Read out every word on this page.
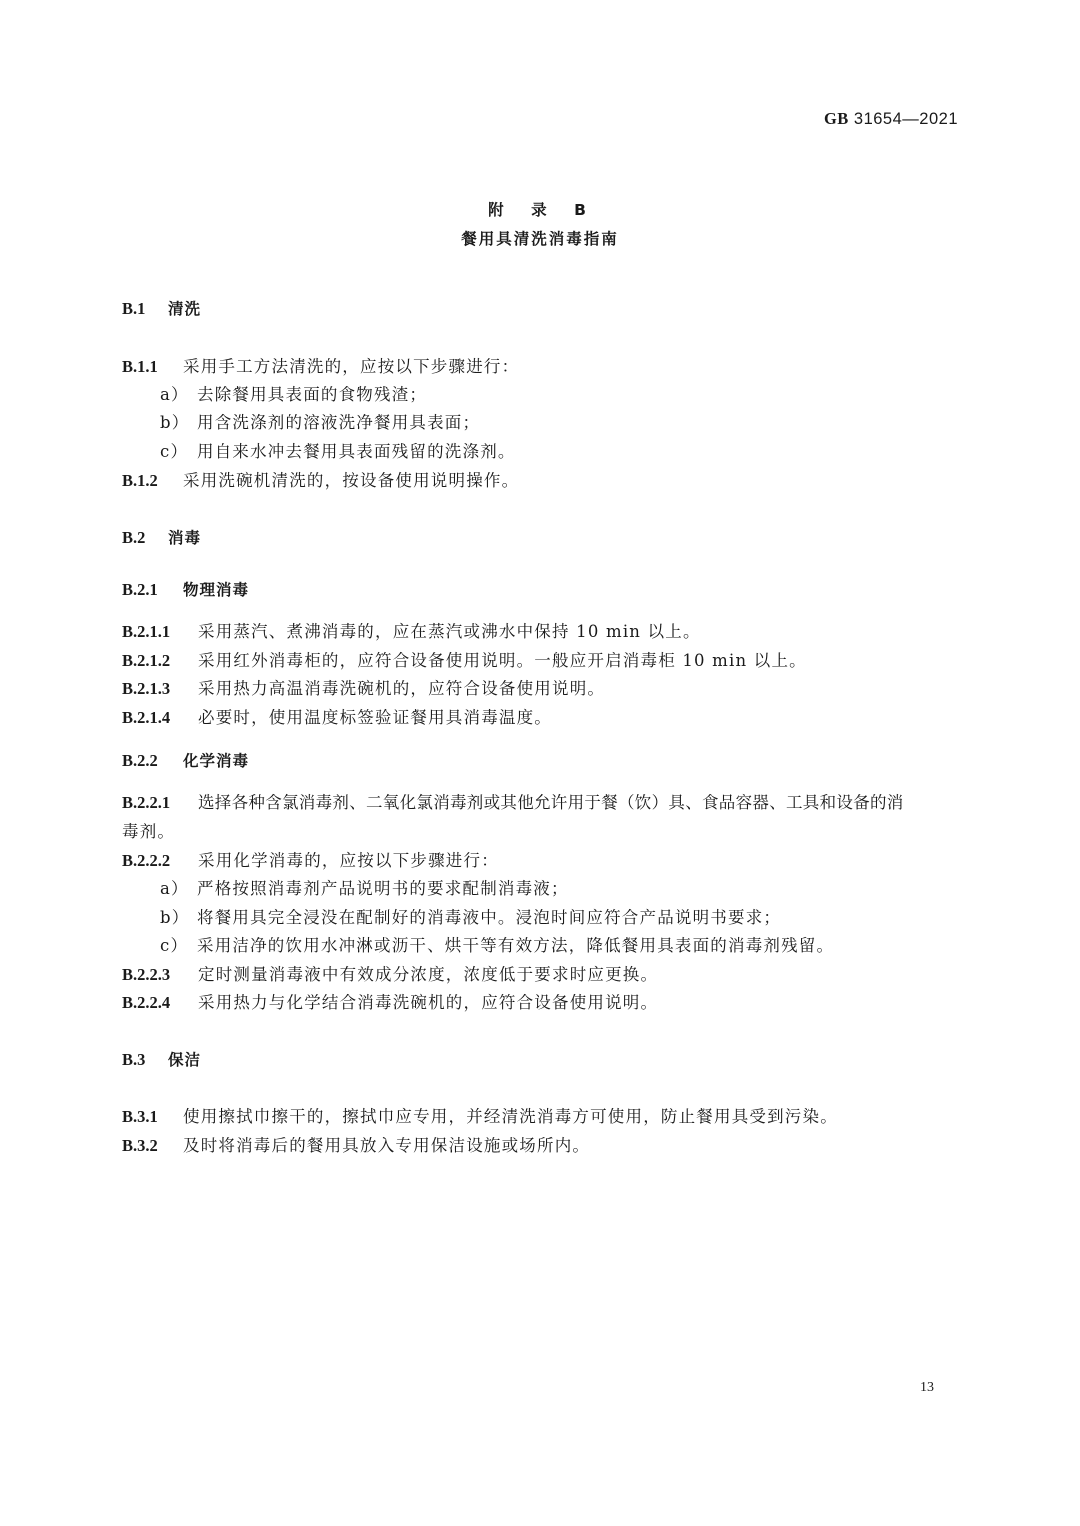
GB 31654—2021
附　录　B
餐用具清洗消毒指南
B.1 清洗
B.1.1 采用手工方法清洗的，应按以下步骤进行：
a） 去除餐用具表面的食物残渣；
b） 用含洗涤剂的溶液洗净餐用具表面；
c） 用自来水冲去餐用具表面残留的洗涤剂。
B.1.2 采用洗碗机清洗的，按设备使用说明操作。
B.2 消毒
B.2.1 物理消毒
B.2.1.1 采用蒸汽、煮沸消毒的，应在蒸汽或沸水中保持 10 min 以上。
B.2.1.2 采用红外消毒柜的，应符合设备使用说明。一般应开启消毒柜 10 min 以上。
B.2.1.3 采用热力高温消毒洗碗机的，应符合设备使用说明。
B.2.1.4 必要时，使用温度标签验证餐用具消毒温度。
B.2.2 化学消毒
B.2.2.1 选择各种含氯消毒剂、二氧化氯消毒剂或其他允许用于餐（饮）具、食品容器、工具和设备的消
毒剂。
B.2.2.2 采用化学消毒的，应按以下步骤进行：
a） 严格按照消毒剂产品说明书的要求配制消毒液；
b） 将餐用具完全浸没在配制好的消毒液中。浸泡时间应符合产品说明书要求；
c） 采用洁净的饮用水冲淋或沥干、烘干等有效方法，降低餐用具表面的消毒剂残留。
B.2.2.3 定时测量消毒液中有效成分浓度，浓度低于要求时应更换。
B.2.2.4 采用热力与化学结合消毒洗碗机的，应符合设备使用说明。
B.3 保洁
B.3.1 使用擦拭巾擦干的，擦拭巾应专用，并经清洗消毒方可使用，防止餐用具受到污染。
B.3.2 及时将消毒后的餐用具放入专用保洁设施或场所内。
13
